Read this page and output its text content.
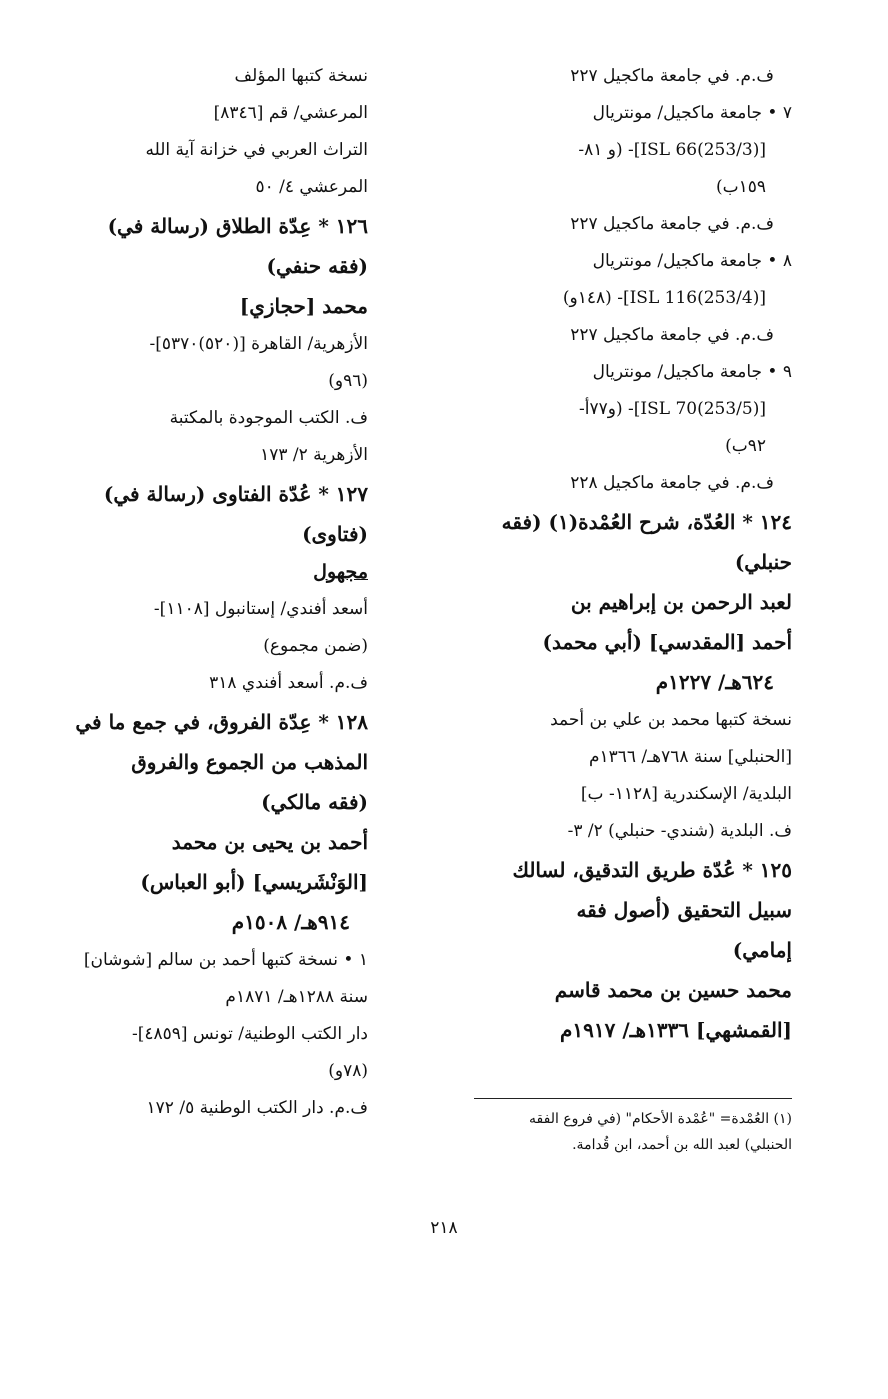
ف.م. في جامعة ماكجيل ٢٢٧
٧ • جامعة ماكجيل/ مونتريال
[ISL 66(253/3)]- (و ٨١-
١٥٩ب)
ف.م. في جامعة ماكجيل ٢٢٧
٨ • جامعة ماكجيل/ مونتريال
[ISL 116(253/4)]- (١٤٨و)
ف.م. في جامعة ماكجيل ٢٢٧
٩ • جامعة ماكجيل/ مونتريال
[ISL 70(253/5)]- (و٧٧أ-
٩٢ب)
ف.م. في جامعة ماكجيل ٢٢٨
١٢٤ * العُدّة، شرح العُمْدة(١) (فقه
حنبلي)
لعبد الرحمن بن إبراهيم بن
أحمد [المقدسي] (أبي محمد)
٦٢٤هـ/ ١٢٢٧م
نسخة كتبها محمد بن علي بن أحمد
[الحنبلي] سنة ٧٦٨هـ/ ١٣٦٦م
البلدية/ الإسكندرية [١١٢٨- ب]
ف. البلدية (شندي- حنبلي) ٢/ ٣-
١٢٥ * عُدّة طريق التدقيق، لسالك
سبيل التحقيق (أصول فقه
إمامي)
محمد حسين بن محمد قاسم
[القمشهي] ١٣٣٦هـ/ ١٩١٧م
نسخة كتبها المؤلف
المرعشي/ قم [٨٣٤٦]
التراث العربي في خزانة آية الله
المرعشي ٤/ ٥٠
١٢٦ * عِدّة الطلاق (رسالة في)
(فقه حنفي)
محمد [حجازي]
الأزهرية/ القاهرة [(٥٢٠)٥٣٧٠]-
(٩٦و)
ف. الكتب الموجودة بالمكتبة
الأزهرية ٢/ ١٧٣
١٢٧ * عُدّة الفتاوى (رسالة في)
(فتاوى)
مجهول
أسعد أفندي/ إستانبول [١١٠٨]-
(ضمن مجموع)
ف.م. أسعد أفندي ٣١٨
١٢٨ * عِدّة الفروق، في جمع ما في
المذهب من الجموع والفروق
(فقه مالكي)
أحمد بن يحيى بن محمد
[الوَنْشَريسي] (أبو العباس)
٩١٤هـ/ ١٥٠٨م
١ • نسخة كتبها أحمد بن سالم [شوشان]
سنة ١٢٨٨هـ/ ١٨٧١م
دار الكتب الوطنية/ تونس [٤٨٥٩]-
(٧٨و)
ف.م. دار الكتب الوطنية ٥/ ١٧٢
(١) العُمْدة= "عُمْدة الأحكام" (في فروع الفقه
الحنبلي) لعبد الله بن أحمد، ابن قُدامة.
٢١٨
